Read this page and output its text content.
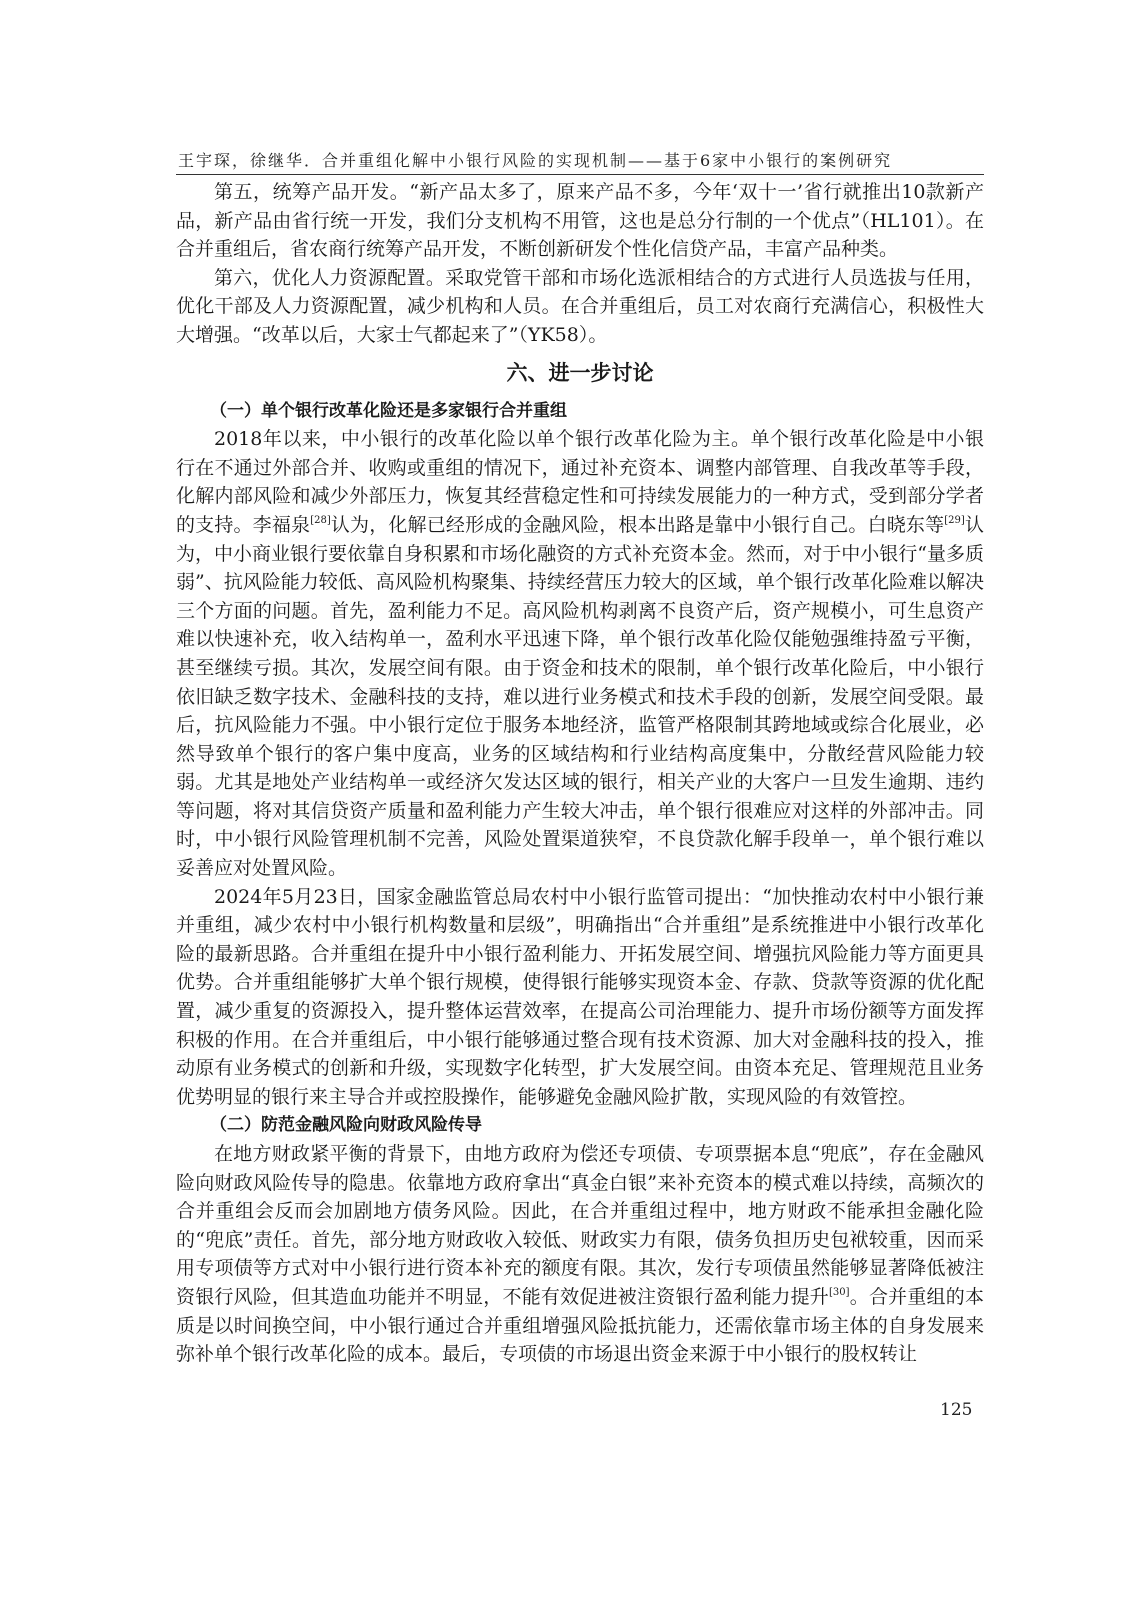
王宇琛，徐继华．合并重组化解中小银行风险的实现机制——基于6家中小银行的案例研究

第五，统筹产品开发。“新产品太多了，原来产品不多，今年‘双十一’省行就推出10款新产品，新产品由省行统一开发，我们分支机构不用管，这也是总分行制的一个优点”（HL101）。在合并重组后，省农商行统筹产品开发，不断创新研发个性化信贷产品，丰富产品种类。

第六，优化人力资源配置。采取党管干部和市场化选派相结合的方式进行人员选拔与任用，优化干部及人力资源配置，减少机构和人员。在合并重组后，员工对农商行充满信心，积极性大大增强。“改革以后，大家士气都起来了”（YK58）。

六、进一步讨论
（一）单个银行改革化险还是多家银行合并重组

2018年以来，中小银行的改革化险以单个银行改革化险为主。单个银行改革化险是中小银行在不通过外部合并、收购或重组的情况下，通过补充资本、调整内部管理、自我改革等手段，化解内部风险和减少外部压力，恢复其经营稳定性和可持续发展能力的一种方式，受到部分学者的支持。李福泉[28]认为，化解已经形成的金融风险，根本出路是靠中小银行自己。白晓东等[29]认为，中小商业银行要依靠自身积累和市场化融资的方式补充资本金。然而，对于中小银行“量多质弱”、抗风险能力较低、高风险机构聚集、持续经营压力较大的区域，单个银行改革化险难以解决三个方面的问题。首先，盈利能力不足。高风险机构剥离不良资产后，资产规模小，可生息资产难以快速补充，收入结构单一，盈利水平迅速下降，单个银行改革化险仅能勉强维持盈亏平衡，甚至继续亏损。其次，发展空间有限。由于资金和技术的限制，单个银行改革化险后，中小银行依旧缺乏数字技术、金融科技的支持，难以进行业务模式和技术手段的创新，发展空间受限。最后，抗风险能力不强。中小银行定位于服务本地经济，监管严格限制其跨地域或综合化展业，必然导致单个银行的客户集中度高，业务的区域结构和行业结构高度集中，分散经营风险能力较弱。尤其是地处产业结构单一或经济欠发达区域的银行，相关产业的大客户一旦发生逾期、违约等问题，将对其信贷资产质量和盈利能力产生较大冲击，单个银行很难应对这样的外部冲击。同时，中小银行风险管理机制不完善，风险处置渠道狭窄，不良贷款化解手段单一，单个银行难以妥善应对处置风险。

2024年5月23日，国家金融监管总局农村中小银行监管司提出：“加快推动农村中小银行兼并重组，减少农村中小银行机构数量和层级”，明确指出“合并重组”是系统推进中小银行改革化险的最新思路。合并重组在提升中小银行盈利能力、开拓发展空间、增强抗风险能力等方面更具优势。合并重组能够扩大单个银行规模，使得银行能够实现资本金、存款、贷款等资源的优化配置，减少重复的资源投入，提升整体运营效率，在提高公司治理能力、提升市场份额等方面发挥积极的作用。在合并重组后，中小银行能够通过整合现有技术资源、加大对金融科技的投入，推动原有业务模式的创新和升级，实现数字化转型，扩大发展空间。由资本充足、管理规范且业务优势明显的银行来主导合并或控股操作，能够避免金融风险扩散，实现风险的有效管控。

（二）防范金融风险向财政风险传导

在地方财政紧平衡的背景下，由地方政府为偿还专项债、专项票据本息“兜底”，存在金融风险向财政风险传导的隐患。依靠地方政府拿出“真金白银”来补充资本的模式难以持续，高频次的合并重组会反而会加剧地方债务风险。因此，在合并重组过程中，地方财政不能承担金融化险的“兜底”责任。首先，部分地方财政收入较低、财政实力有限，债务负担历史包袱较重，因而采用专项债等方式对中小银行进行资本补充的额度有限。其次，发行专项债虽然能够显著降低被注资银行风险，但其造血功能并不明显，不能有效促进被注资银行盈利能力提升[30]。合并重组的本质是以时间换空间，中小银行通过合并重组增强风险抵抗能力，还需依靠市场主体的自身发展来弥补单个银行改革化险的成本。最后，专项债的市场退出资金来源于中小银行的股权转让

125
